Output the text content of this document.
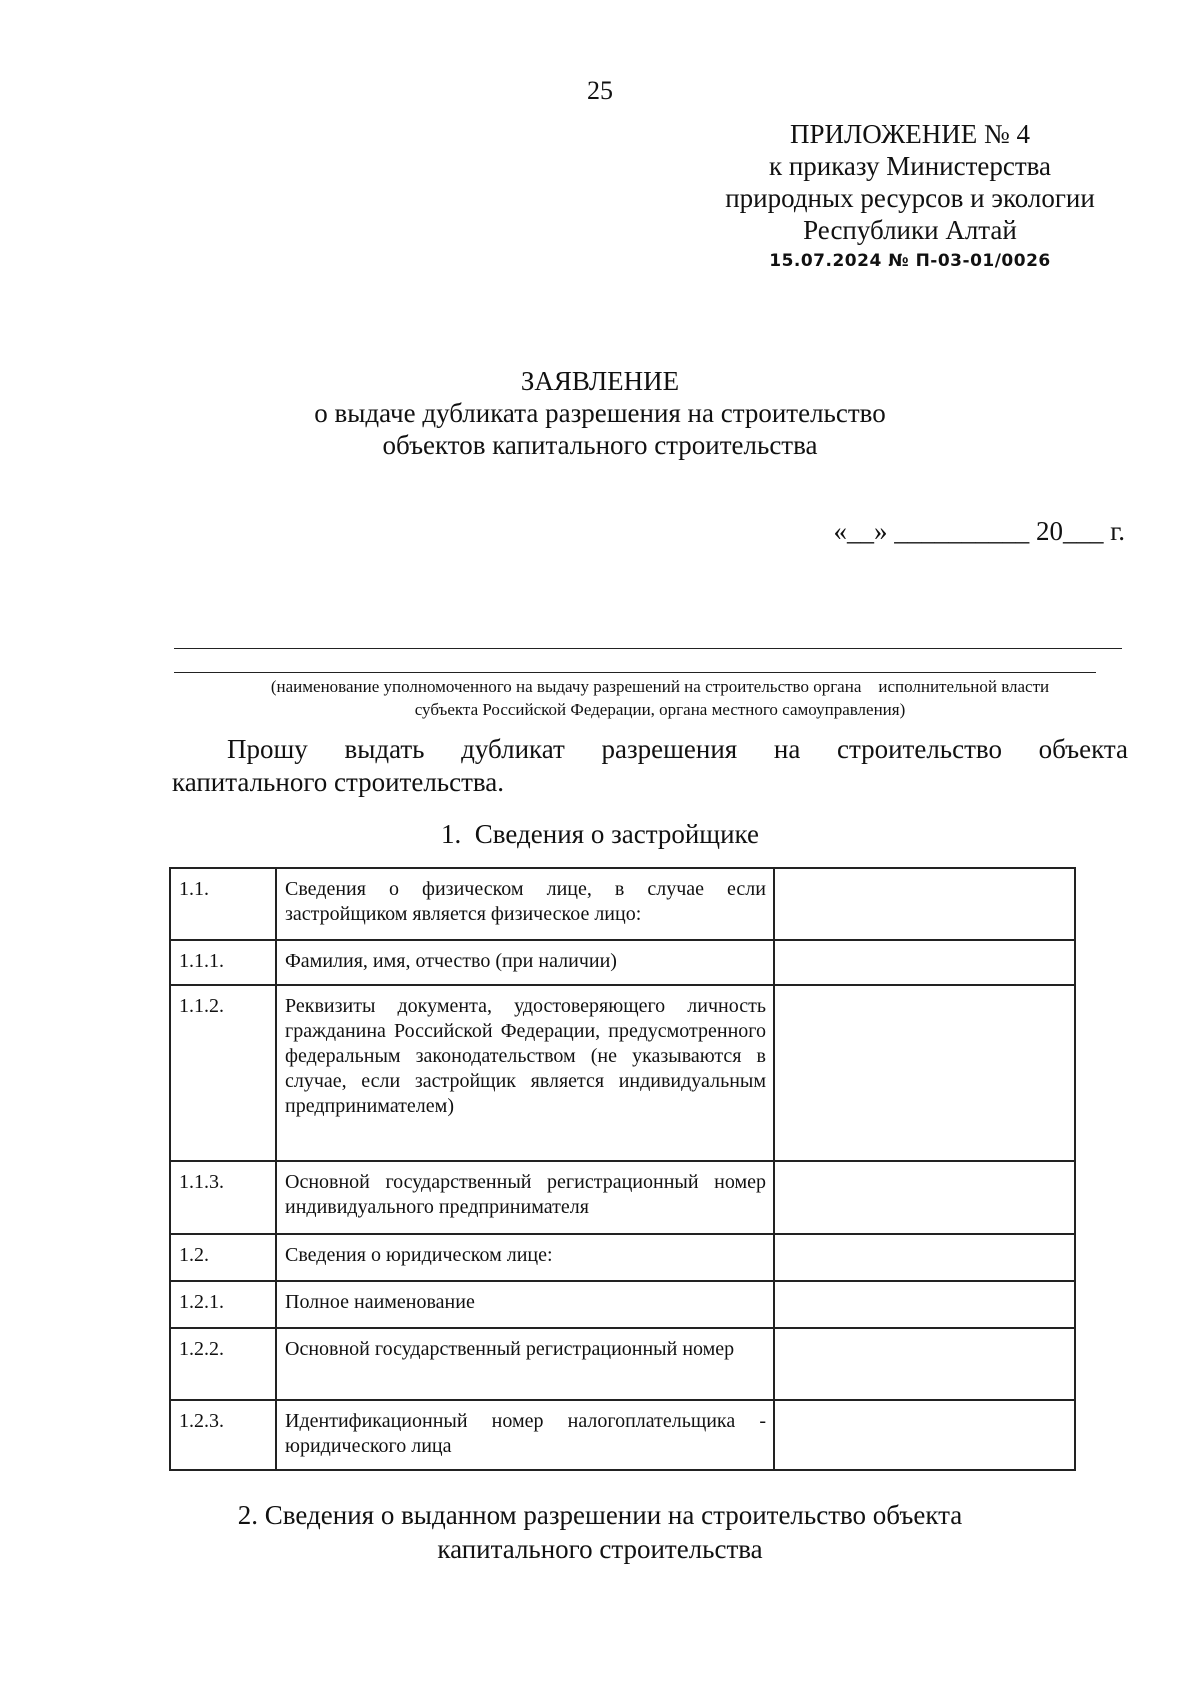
25
ПРИЛОЖЕНИЕ № 4
к приказу Министерства
природных ресурсов и экологии
Республики Алтай
15.07.2024 № П-03-01/0026
ЗАЯВЛЕНИЕ
о выдаче дубликата разрешения на строительство
объектов капитального строительства
«__» __________ 20___ г.
(наименование уполномоченного на выдачу разрешений на строительство органа    исполнительной власти
субъекта Российской Федерации, органа местного самоуправления)
Прошу выдать дубликат разрешения на строительство объекта
капитального строительства.
1.  Сведения о застройщике
1.1.	Сведения о физическом лице, в случае если застройщиком является физическое лицо:	
1.1.1.	Фамилия, имя, отчество (при наличии)	
1.1.2.	Реквизиты документа, удостоверяющего личность гражданина Российской Федерации, предусмотренного федеральным законодательством (не указываются в случае, если застройщик является индивидуальным предпринимателем)	
1.1.3.	Основной государственный регистрационный номер индивидуального предпринимателя	
1.2.	Сведения о юридическом лице:	
1.2.1.	Полное наименование	
1.2.2.	Основной государственный регистрационный номер	
1.2.3.	Идентификационный номер налогоплательщика - юридического лица	
2. Сведения о выданном разрешении на строительство объекта
капитального строительства
